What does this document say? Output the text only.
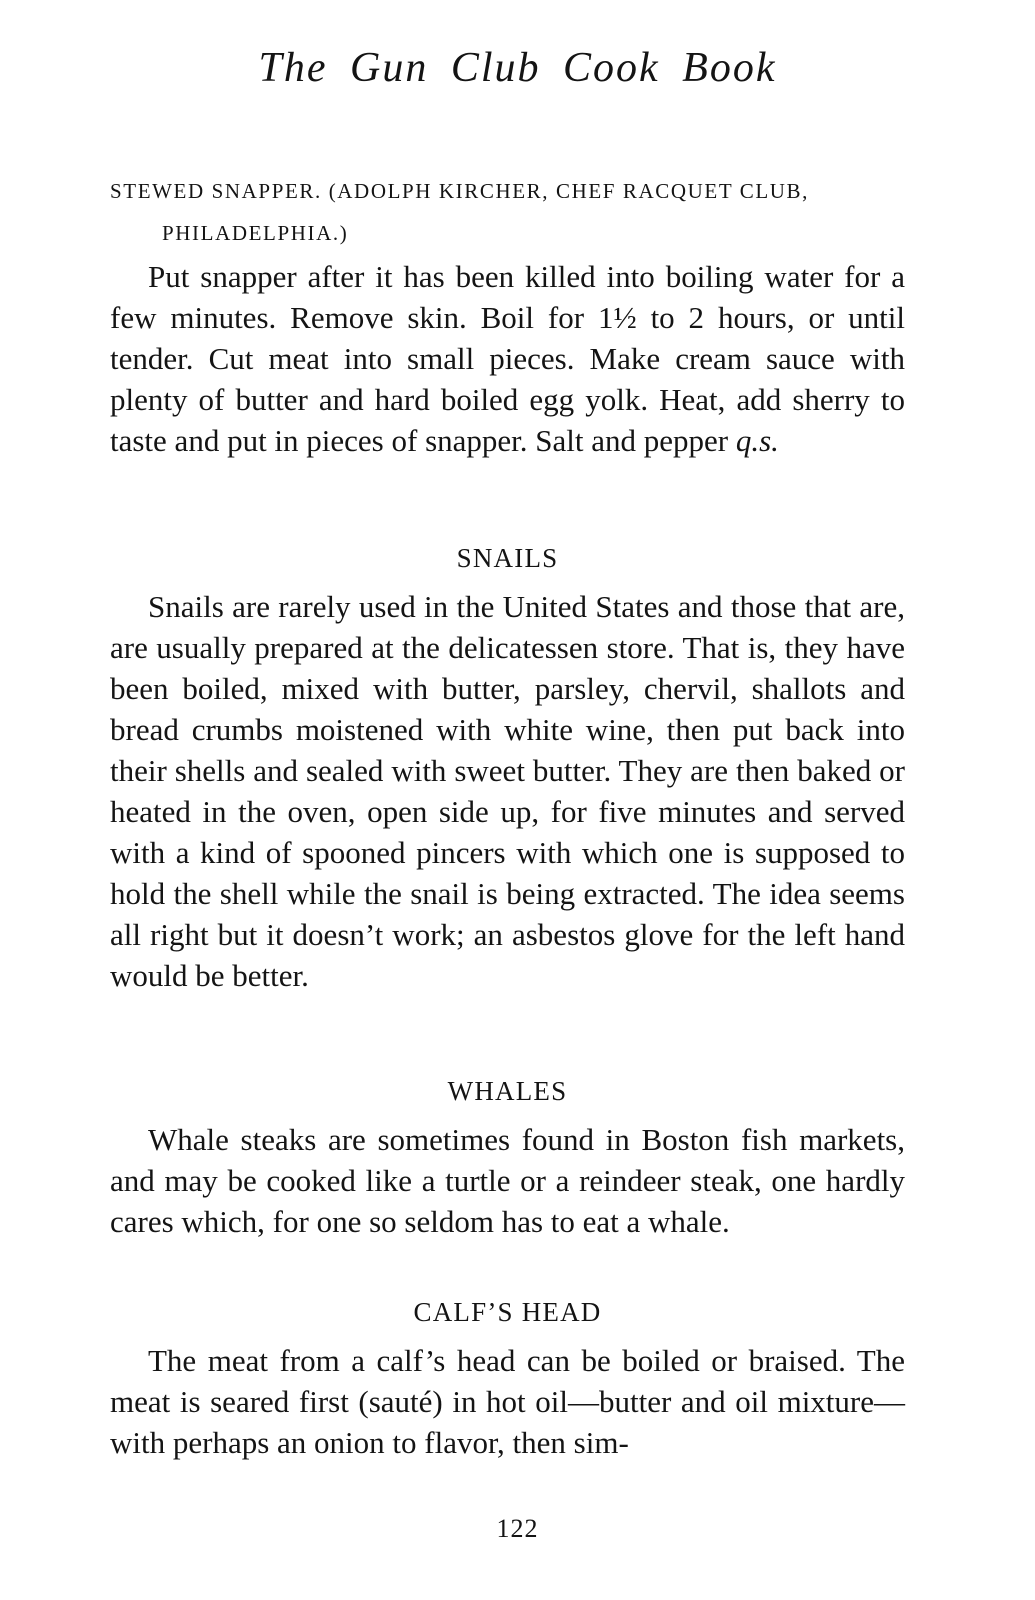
The Gun Club Cook Book

STEWED SNAPPER. (ADOLPH KIRCHER, CHEF RACQUET CLUB, PHILADELPHIA.)

Put snapper after it has been killed into boiling water for a few minutes. Remove skin. Boil for 1½ to 2 hours, or until tender. Cut meat into small pieces. Make cream sauce with plenty of butter and hard boiled egg yolk. Heat, add sherry to taste and put in pieces of snapper. Salt and pepper q.s.

SNAILS

Snails are rarely used in the United States and those that are, are usually prepared at the delicatessen store. That is, they have been boiled, mixed with butter, parsley, chervil, shallots and bread crumbs moistened with white wine, then put back into their shells and sealed with sweet butter. They are then baked or heated in the oven, open side up, for five minutes and served with a kind of spooned pincers with which one is supposed to hold the shell while the snail is being extracted. The idea seems all right but it doesn’t work; an asbestos glove for the left hand would be better.

WHALES

Whale steaks are sometimes found in Boston fish markets, and may be cooked like a turtle or a reindeer steak, one hardly cares which, for one so seldom has to eat a whale.

CALF’S HEAD

The meat from a calf’s head can be boiled or braised. The meat is seared first (sauté) in hot oil––butter and oil mixture—with perhaps an onion to flavor, then sim-

122
